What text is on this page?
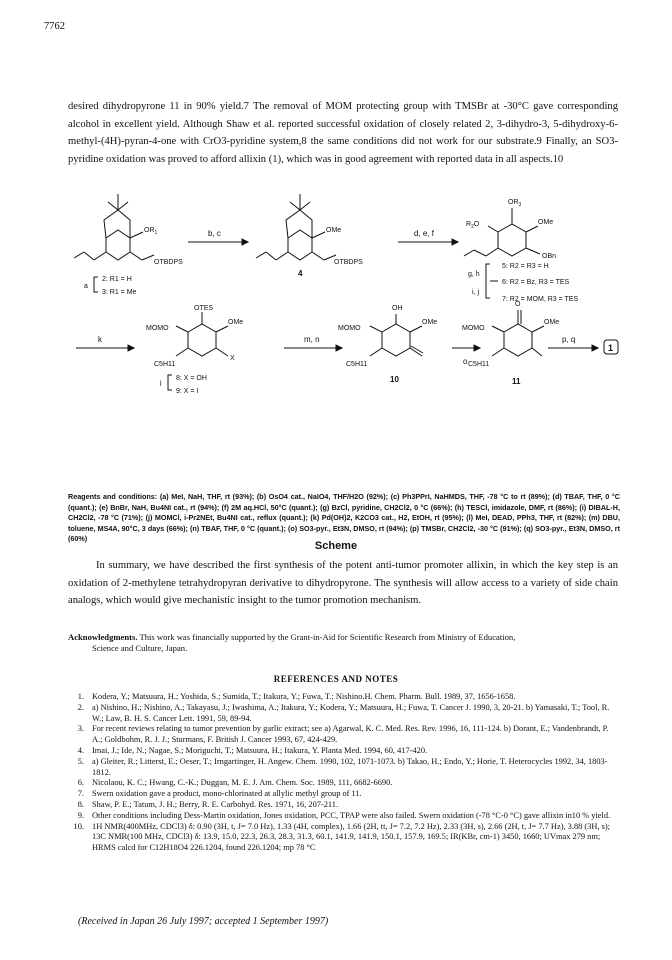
7762
desired dihydropyrone 11 in 90% yield.7 The removal of MOM protecting group with TMSBr at -30°C gave corresponding alcohol in excellent yield. Although Shaw et al. reported successful oxidation of closely related 2, 3-dihydro-3, 5-dihydroxy-6-methyl-(4H)-pyran-4-one with CrO3-pyridine system,8 the same conditions did not work for our substrate.9 Finally, an SO3-pyridine oxidation was proved to afford allixin (1), which was in good agreement with reported data in all aspects.10
$OR_1$
OTBDPS
b, c	OMe
OTBDPS
4
d, e, f
$OR_3$
$R_2O$	OMe
OBn
2: R1 = H
3: R1 = Me
a
5: R2 = R3 = H
6: R2 = Bz, R3 = TES
7: R2 = MOM, R3 = TES
g, h
i, j
k
OTES
MOMO
OMe
C5H11
X
8: X = OH
9: X = I
l
m, n
OH
MOMO
OMe
C5H11
10
o
O
MOMO
OMe
C5H11
11
p, q
1
Reagents and conditions: (a) MeI, NaH, THF, rt (93%); (b) OsO4 cat., NaIO4, THF/H2O (92%); (c) Ph3PPrI, NaHMDS, THF, -78 °C to rt (89%); (d) TBAF, THF, 0 °C (quant.); (e) BnBr, NaH, Bu4NI cat., rt (94%); (f) 2M aq.HCl, 50°C (quant.); (g) BzCl, pyridine, CH2Cl2, 0 °C (66%); (h) TESCl, imidazole, DMF, rt (86%); (i) DIBAL-H, CH2Cl2, -78 °C (71%); (j) MOMCl, i-Pr2NEt, Bu4NI cat., reflux (quant.); (k) Pd(OH)2, K2CO3 cat., H2, EtOH, rt (95%); (l) MeI, DEAD, PPh3, THF, rt (82%); (m) DBU, toluene, MS4A, 90°C, 3 days (66%); (n) TBAF, THF, 0 °C (quant.); (o) SO3-pyr., Et3N, DMSO, rt (94%); (p) TMSBr, CH2Cl2, -30 °C (91%); (q) SO3-pyr., Et3N, DMSO, rt (60%)
Scheme
In summary, we have described the first synthesis of the potent anti-tumor promoter allixin, in which the key step is an oxidation of 2-methylene tetrahydropyran derivative to dihydropyrone. The synthesis will allow access to a variety of side chain analogs, which would give mechanistic insight to the tumor promotion mechanism.
Acknowledgments. This work was financially supported by the Grant-in-Aid for Scientific Research from Ministry of Education,
Science and Culture, Japan.
REFERENCES AND NOTES
1. Kodera, Y.; Matsuura, H.; Yoshida, S.; Sumida, T.; Itakura, Y.; Fuwa, T.; Nishino.H. Chem. Pharm. Bull. 1989, 37, 1656-1658.
2. a) Nishino, H.; Nishino, A.; Takayasu, J.; Iwashima, A.; Itakura, Y.; Kodera, Y.; Matsuura, H.; Fuwa, T. Cancer J. 1990, 3, 20-21. b) Yamasaki, T.; Tool, R. W.; Law, B. H. S. Cancer Lett. 1991, 59, 89-94.
3. For recent reviews relating to tumor prevention by garlic extract; see a) Agarwal, K. C. Med. Res. Rev. 1996, 16, 111-124. b) Dorant, E.; Vandenbrandt, P. A.; Goldbohm, R. J. J.; Sturmans, F. British J. Cancer 1993, 67, 424-429.
4. Imai, J.; Ide, N.; Nagae, S.; Moriguchi, T.; Matsuura, H.; Itakura, Y. Planta Med. 1994, 60, 417-420.
5. a) Gleiter, R.; Litterst, E.; Oeser, T.; Irngartinger, H. Angew. Chem. 1990, 102, 1071-1073. b) Takao, H.; Endo, Y.; Horie, T. Heterocycles 1992, 34, 1803-1812.
6. Nicolaou, K. C.; Hwang, C.-K.; Duggan, M. E. J. Am. Chem. Soc. 1989, 111, 6682-6690.
7. Swern oxidation gave a product, mono-chlorinated at allylic methyl group of 11.
8. Shaw, P. E.; Tatum, J. H.; Berry, R. E. Carbohyd. Res. 1971, 16, 207-211.
9. Other conditions including Dess-Martin oxidation, Jones oxidation, PCC, TPAP were also failed. Swern oxidation (-78 °C-0 °C) gave allixin in10 % yield.
10. 1H NMR(400MHz, CDCl3) δ: 0.90 (3H, t, J= 7.0 Hz), 1.33 (4H, complex), 1.66 (2H, tt, J= 7.2, 7.2 Hz), 2.33 (3H, s), 2.66 (2H, t, J= 7.7 Hz), 3.88 (3H, s); 13C NMR(100 MHz, CDCl3) δ: 13.9, 15.0, 22.3, 26.3, 28.3, 31.3, 60.1, 141.9, 141.9, 150.1, 157.9, 169.5; IR(KBr, cm-1) 3450, 1660; UVmax 279 nm; HRMS calcd for C12H18O4 226.1204, found 226.1204; mp 78 °C
(Received in Japan 26 July 1997; accepted 1 September 1997)
